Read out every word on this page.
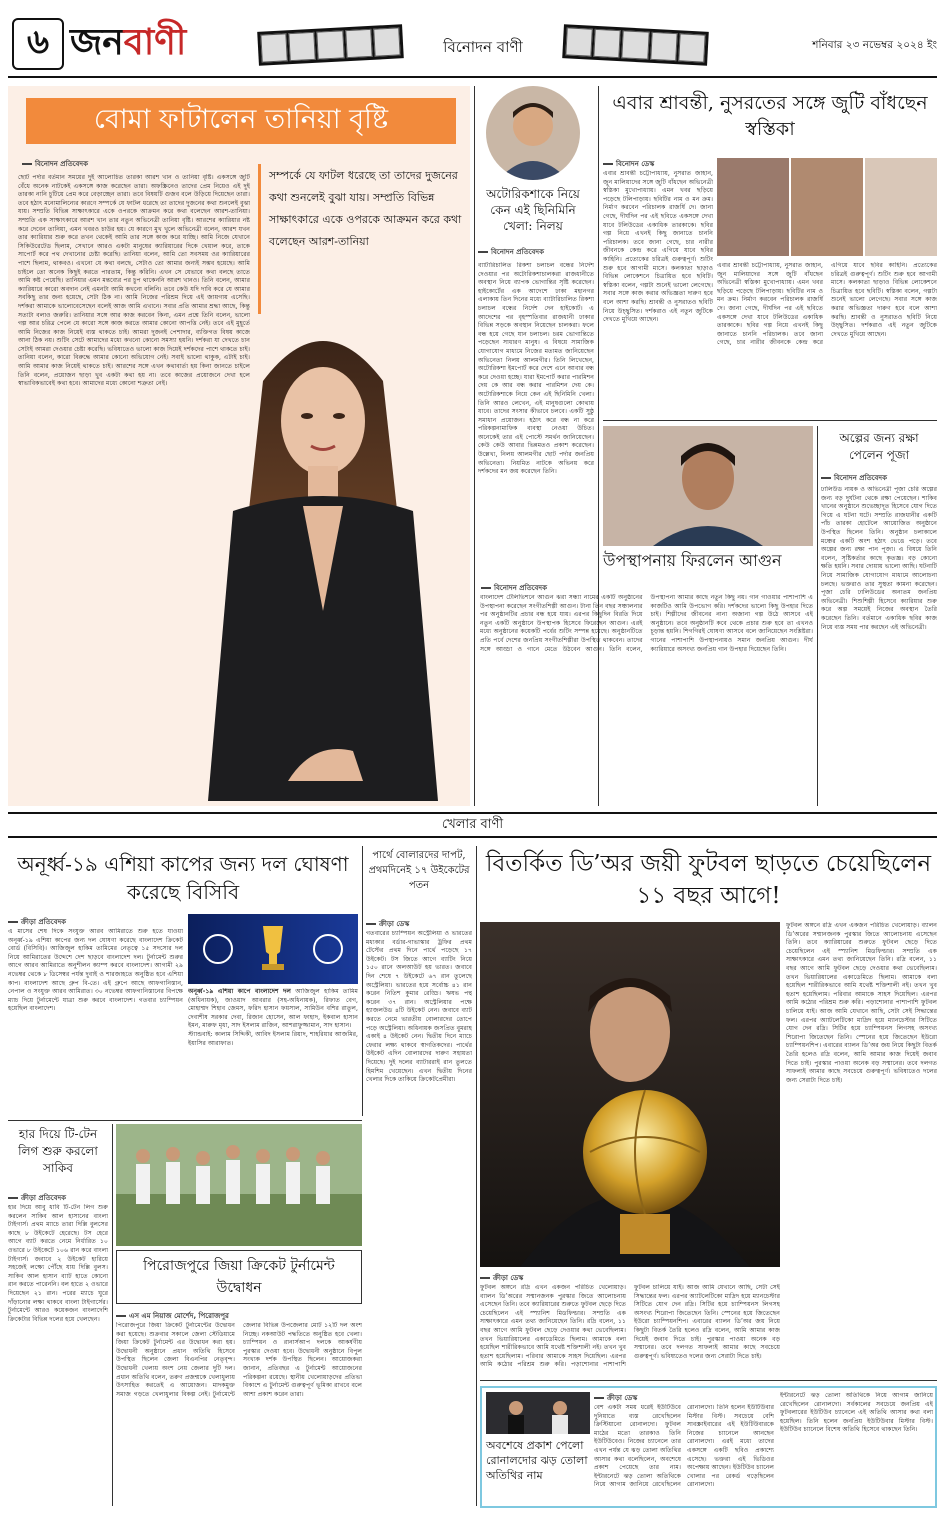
৬ জন বাণী	বিনোদন বাণী	শনিবার ২৩ নভেম্বর ২০২৪ ইং
বোমা ফাটালেন তানিয়া বৃষ্টি
বিনোদন প্রতিবেদক
সম্পর্কে যে ফাটল ধরেছে তা তাদের দুজনের কথা শুনলেই বুঝা যায়। সম্প্রতি বিভিন্ন সাক্ষাৎকারে একে ওপরকে আক্রমন করে কথা বলেছেন আরশ-তানিয়া
ছোট পর্দার বর্তমান সময়ের দুই আলোচিত তারকা আরশ খান ও তানিয়া বৃষ্টি। একসঙ্গে জুটি বেঁধে অনেক নাটকেই একসঙ্গে কাজ করেছেন তারা। অফস্ক্রিনেও তাদের প্রেম নিয়েও এই দুই তারকা নানি চুটিয়ে প্রেম করে বেড়াচ্ছেন তারা। তবে বিষয়টি গুজব বলে উড়িয়ে দিয়েছেন তারা। তবে হঠাৎ মনোমালিন্যের কারণে সম্পর্কে যে ফাটল ধরেছে তা তাদের দুজনের কথা শুনলেই বুঝা যায়। সম্প্রতি বিভিন্ন সাক্ষাৎকারে একে ওপরকে আক্রমন করে কথা বলেছেন আরশ-তানিয়া। সম্প্রতি এক সাক্ষাৎকারে আরশ খান তার নতুন অভিনেত্রী তানিয়া বৃষ্টি। আরশের ক্যারিয়ার নষ্ট করে দেবেন তানিয়া, এমন খবরও চাউর হয়। যে কারণে মুখ খুলে অভিনেত্রী বলেন, আরশ যখন তার ক্যারিয়ার শুরু করে তখন থেকেই আমি তার সঙ্গে কাজ করে যাচ্ছি। আমি নিজে যেখানে সিকিউরেটেড ছিলাম, সেখানে আরও একটা মানুষের ক্যারিয়ারের দিকে খেয়াল করে, তাকে সাপোর্ট করে পথ দেখানোর চেষ্টা করেছি। তানিয়া বলেন, আমি তো সবসময় ওর ক্যারিয়ারের পাশে ছিলাম, থাকবও। এখনো যে কথা বলছে, সেটাও তো আমার জন্যই সম্ভব হয়েছে। আমি চাইলে তো অনেক কিছুই করতে পারতাম, কিন্তু করিনি। এখন সে যেভাবে কথা বলছে তাতে আমি কষ্ট পেয়েছি। তানিয়ার এমন মন্তব্যের পর চুপ থাকেননি আরশ খানও। তিনি বলেন, আমার ক্যারিয়ারে কারো অবদান নেই এমনটা আমি কখনো বলিনি। তবে কেউ যদি দাবি করে যে আমার সবকিছু তার জন্য হয়েছে, সেটা ঠিক না। আমি নিজের পরিশ্রম দিয়ে এই জায়গায় এসেছি। দর্শকরা আমাকে ভালোবেসেছেন বলেই আজ আমি এখানে। সবার প্রতি আমার শ্রদ্ধা আছে, কিন্তু সত্যটা বলাও জরুরি। তানিয়ার সঙ্গে আর কাজ করবেন কিনা, এমন প্রশ্নে তিনি বলেন, ভালো গল্প আর চরিত্র পেলে যে কারো সঙ্গে কাজ করতে আমার কোনো আপত্তি নেই। তবে এই মুহূর্তে আমি নিজের কাজ নিয়েই ব্যস্ত থাকতে চাই। আমরা দুজনই পেশাদার, ব্যক্তিগত বিষয় কাজে আনা ঠিক নয়। শুটিং সেটে আমাদের মধ্যে কখনো কোনো সমস্যা হয়নি। দর্শকরা যা দেখতে চান সেটাই আমরা দেওয়ার চেষ্টা করেছি। ভবিষ্যতেও ভালো কাজ দিয়েই দর্শকদের পাশে থাকতে চাই। তানিয়া বলেন, কারো বিরুদ্ধে আমার কোনো অভিযোগ নেই। সবাই ভালো থাকুক, এটাই চাই। আমি আমার কাজ নিয়েই থাকতে চাই। আরশের সঙ্গে এখন কথাবার্তা হয় কিনা জানতে চাইলে তিনি বলেন, প্রয়োজন ছাড়া খুব একটা কথা হয় না। তবে কাজের প্রয়োজনে দেখা হলে স্বাভাবিকভাবেই কথা হবে। আমাদের মধ্যে কোনো শত্রুতা নেই।
অটোরিকশাকে নিয়ে কেন এই ছিনিমিনি খেলা: নিলয়
বিনোদন প্রতিবেদক
ব্যাটারিচালিত রিকশা চলাচল বন্ধের নির্দেশ দেওয়ার পর অটোরিকশাচালকরা রাজধানীতে অবস্থান নিয়ে ব্যাপক ভোগান্তির সৃষ্টি করেছেন। হাইকোর্টের এক আদেশে ঢাকা মহানগর এলাকায় তিন দিনের মধ্যে ব্যাটারিচালিত রিকশা চলাচল বন্ধের নির্দেশ দেন হাইকোর্ট। এ আদেশের পর বৃহস্পতিবার রাজধানী ঢাকার বিভিন্ন সড়কে অবস্থান নিয়েছেন চালকরা। ফলে বন্ধ হয়ে গেছে যান চলাচল। চরম ভোগান্তিতে পড়েছেন সাধারণ মানুষ। এ বিষয়ে সামাজিক যোগাযোগ মাধ্যমে নিজের মতামত জানিয়েছেন অভিনেতা নিলয় আলমগীর। তিনি লিখেছেন, অটোরিকশা ইমপোর্ট করে দেশে এনে আবার বন্ধ করে দেওয়া হচ্ছে। যারা ইমপোর্ট করার পারমিশন দেয় কে আর বন্ধ করার পারমিশন দেয় কে। অটোরিকশাকে নিয়ে কেন এই ছিনিমিনি খেলা। তিনি আরও লেখেন, এই মানুষগুলো কোথায় যাবে। তাদের সংসার কীভাবে চলবে। একটি সুষ্ঠু সমাধান প্রয়োজন। হঠাৎ করে বন্ধ না করে পরিকল্পনামাফিক ব্যবস্থা নেওয়া উচিত। অনেকেই তার এই পোস্টে সমর্থন জানিয়েছেন। কেউ কেউ আবার ভিন্নমতও প্রকাশ করেছেন। উল্লেখ্য, নিলয় আলমগীর ছোট পর্দার জনপ্রিয় অভিনেতা। নিয়মিত নাটকে অভিনয় করে দর্শকদের মন জয় করেছেন তিনি।
এবার শ্রাবন্তী, নুসরতের সঙ্গে জুটি বাঁধছেন স্বস্তিকা
বিনোদন ডেস্ক
এবার শ্রাবন্তী চট্টোপাধ্যায়, নুসরাত জাহান, জুন মালিয়াদের সঙ্গে জুটি বাঁধছেন অভিনেত্রী স্বস্তিকা মুখোপাধ্যায়। এমন খবর ছড়িয়ে পড়েছে টলিপাড়ায়। ছবিটির নাম ও মন ক্রম। নির্মাণ করবেন পরিচালক রাজর্ষি দে। জানা গেছে, দীর্ঘদিন পর এই ছবিতে একসঙ্গে দেখা যাবে টলিউডের একাধিক তারকাকে। ছবির গল্প নিয়ে এখনই কিছু জানাতে চাননি পরিচালক। তবে জানা গেছে, চার নারীর জীবনকে কেন্দ্র করে এগিয়ে যাবে ছবির কাহিনি। প্রত্যেকের চরিত্রই গুরুত্বপূর্ণ। শুটিং শুরু হবে আগামী মাসে। কলকাতা ছাড়াও বিভিন্ন লোকেশনে চিত্রায়িত হবে ছবিটি। স্বস্তিকা বলেন, গল্পটা শুনেই ভালো লেগেছে। সবার সঙ্গে কাজ করার অভিজ্ঞতা দারুণ হবে বলে আশা করছি। শ্রাবন্তী ও নুসরাতও ছবিটি নিয়ে উচ্ছ্বসিত। দর্শকরাও এই নতুন জুটিকে দেখতে মুখিয়ে আছেন।
এবার শ্রাবন্তী চট্টোপাধ্যায়, নুসরাত জাহান, জুন মালিয়াদের সঙ্গে জুটি বাঁধছেন অভিনেত্রী স্বস্তিকা মুখোপাধ্যায়। এমন খবর ছড়িয়ে পড়েছে টলিপাড়ায়। ছবিটির নাম ও মন ক্রম। নির্মাণ করবেন পরিচালক রাজর্ষি দে। জানা গেছে, দীর্ঘদিন পর এই ছবিতে একসঙ্গে দেখা যাবে টলিউডের একাধিক তারকাকে। ছবির গল্প নিয়ে এখনই কিছু জানাতে চাননি পরিচালক। তবে জানা গেছে, চার নারীর জীবনকে কেন্দ্র করে এগিয়ে যাবে ছবির কাহিনি। প্রত্যেকের চরিত্রই গুরুত্বপূর্ণ। শুটিং শুরু হবে আগামী মাসে। কলকাতা ছাড়াও বিভিন্ন লোকেশনে চিত্রায়িত হবে ছবিটি। স্বস্তিকা বলেন, গল্পটা শুনেই ভালো লেগেছে। সবার সঙ্গে কাজ করার অভিজ্ঞতা দারুণ হবে বলে আশা করছি। শ্রাবন্তী ও নুসরাতও ছবিটি নিয়ে উচ্ছ্বসিত। দর্শকরাও এই নতুন জুটিকে দেখতে মুখিয়ে আছেন।
উপস্থাপনায় ফিরলেন আগুন
বিনোদন প্রতিবেদক
বাংলাদেশ টেলিভিশনে আগুন ঝরা সন্ধ্যা নামের একটি অনুষ্ঠানের উপস্থাপনা করেছেন সংগীতশিল্পী আগুন। টানা তিন বছর সঞ্চালনার পর অনুষ্ঠানটির প্রচার বন্ধ হয়ে যায়। এরপর কিছুদিন বিরতি দিয়ে নতুন একটি অনুষ্ঠানে উপস্থাপক হিসেবে ফিরেছেন আগুন। এরই মধ্যে অনুষ্ঠানের কয়েকটি পর্বের শুটিং সম্পন্ন হয়েছে। অনুষ্ঠানটিতে প্রতি পর্বে দেশের জনপ্রিয় সংগীতশিল্পীরা উপস্থিত থাকবেন। তাদের সঙ্গে আড্ডা ও গানে মেতে উঠবেন আগুন। তিনি বলেন, উপস্থাপনা আমার কাছে নতুন কিছু নয়। গান গাওয়ার পাশাপাশি এ কাজটিও আমি উপভোগ করি। দর্শকদের ভালো কিছু উপহার দিতে চাই। শিল্পীদের জীবনের নানা অজানা গল্প উঠে আসবে এই অনুষ্ঠানে। তবে অনুষ্ঠানটি কবে থেকে প্রচার শুরু হবে তা এখনও চূড়ান্ত হয়নি। শিগগিরই ঘোষণা আসবে বলে জানিয়েছেন সংশ্লিষ্টরা। গানের পাশাপাশি উপস্থাপনায়ও সমান জনপ্রিয় আগুন। দীর্ঘ ক্যারিয়ারে অসংখ্য জনপ্রিয় গান উপহার দিয়েছেন তিনি।
অল্পের জন্য রক্ষা পেলেন পূজা
বিনোদন প্রতিবেদক
ঢালিউড নায়ক ও অভিনেত্রী পূজা চেরি অল্পের জন্য বড় দুর্ঘটনা থেকে রক্ষা পেয়েছেন। শাকিব খানের অনুষ্ঠানে শুভেচ্ছাদূত হিসেবে যোগ দিতে গিয়ে এ ঘটনা ঘটে। সম্প্রতি রাজধানীর একটি পাঁচ তারকা হোটেলে আয়োজিত অনুষ্ঠানে উপস্থিত ছিলেন তিনি। অনুষ্ঠান চলাকালে মঞ্চের একটি অংশ হঠাৎ ভেঙে পড়ে। তবে অল্পের জন্য রক্ষা পান পূজা। এ বিষয়ে তিনি বলেন, সৃষ্টিকর্তার কাছে কৃতজ্ঞ। বড় কোনো ক্ষতি হয়নি। সবার দোয়ায় ভালো আছি। ঘটনাটি নিয়ে সামাজিক যোগাযোগ মাধ্যমে আলোচনা চলছে। ভক্তরাও তার সুস্থতা কামনা করেছেন। পূজা চেরি ঢালিউডের অন্যতম জনপ্রিয় অভিনেত্রী। শিশুশিল্পী হিসেবে ক্যারিয়ার শুরু করে অল্প সময়েই নিজের অবস্থান তৈরি করেছেন তিনি। বর্তমানে একাধিক ছবির কাজ নিয়ে ব্যস্ত সময় পার করছেন এই অভিনেত্রী।
খেলার বাণী
অনূর্ধ্ব-১৯ এশিয়া কাপের জন্য দল ঘোষণা করেছে বিসিবি
ক্রীড়া প্রতিবেদক
এ মাসের শেষ দিকে সংযুক্ত আরব আমিরাতে শুরু হতে যাওয়া অনূর্ধ্ব-১৯ এশিয়া কাপের জন্য দল ঘোষণা করেছে বাংলাদেশ ক্রিকেট বোর্ড (বিসিবি)। আজিজুল হাকিম তামিমের নেতৃত্বে ১৫ সদস্যের দল নিয়ে আমিরাতের উদ্দেশে দেশ ছাড়বে বাংলাদেশ দল। টুর্নামেন্ট শুরুর আগে আরব আমিরাতে অনুশীলন ক্যাম্প করবে বাংলাদেশ। আগামী ২৯ নভেম্বর থেকে ৮ ডিসেম্বর পর্যন্ত দুবাই ও শারজাহতে অনুষ্ঠিত হবে এশিয়া কাপ। বাংলাদেশ আছে গ্রুপ বি-তে। এই গ্রুপে আছে আফগানিস্তান, নেপাল ও সংযুক্ত আরব আমিরাত। ৩০ নভেম্বর আফগানিস্তানের বিপক্ষে ম্যাচ দিয়ে টুর্নামেন্টে যাত্রা শুরু করবে বাংলাদেশ। গতবার চ্যাম্পিয়ন হয়েছিল বাংলাদেশ।
অনূর্ধ্ব-১৯ এশিয়া কাপে বাংলাদেশ দল আজিজুল হাকিম তামিম (অধিনায়ক), জাওয়াদ আবরার (সহ-অধিনায়ক), রিফাত বেগ, মোহাম্মদ শিহাব জেমস, ফরিদ হাসান ফয়সাল, সামিউন বশির রাতুল, দেবাশীষ সরকার দেবা, রিজান হোসেন, আল ফাহাদ, ইকবাল হাসান ইমন, মারুফ মৃধা, সাদ ইসলাম রাজিন, আশরাফুজ্জামান, সাদ হাসান।
স্ট্যান্ডবাই: কালাম সিদ্দিকী, আবিদ ইসলাম রিয়াদ, শাহরিয়ার আজমির, ইয়াসির আরাফাত।
পার্থে বোলারদের দাপট, প্রথমদিনেই ১৭ উইকেটের পতন
ক্রীড়া ডেস্ক
গতবারের চ্যাম্পিয়ন অস্ট্রেলিয়া ও ভারতের মধ্যকার বর্ডার-গাভাস্কার ট্রফির প্রথম টেস্টের প্রথম দিনে পার্থে পড়েছে ১৭ উইকেট। টস জিতে আগে ব্যাটিং নিয়ে ১৫০ রানে অলআউট হয় ভারত। জবাবে দিন শেষে ৭ উইকেটে ৬৭ রান তুলেছে অস্ট্রেলিয়া। ভারতের হয়ে সর্বোচ্চ ৪১ রান করেন নিতিশ কুমার রেড্ডি। ঋষভ পন্থ করেন ৩৭ রান। অস্ট্রেলিয়ার পক্ষে হ্যাজলউড ৪টি উইকেট নেন। জবাবে ব্যাট করতে নেমে ভারতীয় বোলারদের তোপে পড়ে অস্ট্রেলিয়া। অধিনায়ক জসপ্রিত বুমরাহ একাই ৪ উইকেট নেন। দ্বিতীয় দিনে ম্যাচে ফেরার লক্ষ্য থাকবে স্বাগতিকদের। পার্থের উইকেট এদিন বোলারদের দারুণ সহায়তা দিয়েছে। দুই দলের ব্যাটাররাই রান তুলতে হিমশিম খেয়েছেন। এখন দ্বিতীয় দিনের খেলার দিকে তাকিয়ে ক্রিকেটপ্রেমীরা।
হার দিয়ে টি-টেন লিগ শুরু করলো সাকিব
ক্রীড়া প্রতিবেদক
হার দিয়ে আবু ধাবি টি-টেন লিগ শুরু করলেন সাকিব আল হাসানের বাংলা টাইগার্স। প্রথম ম্যাচে তারা দিল্লি বুলসের কাছে ৮ উইকেটে হেরেছে। টস হেরে আগে ব্যাট করতে নেমে নির্ধারিত ১০ ওভারে ৮ উইকেটে ১০৬ রান করে বাংলা টাইগার্স। জবাবে ২ উইকেট হারিয়ে সহজেই লক্ষ্যে পৌঁছে যায় দিল্লি বুলস। সাকিব আল হাসান ব্যাট হাতে কোনো রান করতে পারেননি। বল হাতে ২ ওভারে দিয়েছেন ২১ রান। পরের ম্যাচে ঘুরে দাঁড়ানোর লক্ষ্য থাকবে বাংলা টাইগার্সের। টুর্নামেন্টে আরও কয়েকজন বাংলাদেশি ক্রিকেটার বিভিন্ন দলের হয়ে খেলছেন।
পিরোজপুরে জিয়া ক্রিকেট টুর্নামেন্ট উদ্বোধন
এস এম নিয়াজ মোর্শেদ, পিরোজপুর
পিরোজপুরে জিয়া ক্রিকেট টুর্নামেন্টের উদ্বোধন করা হয়েছে। শুক্রবার সকালে জেলা স্টেডিয়ামে জিয়া ক্রিকেট টুর্নামেন্ট এর উদ্বোধন করা হয়। উদ্বোধনী অনুষ্ঠানে প্রধান অতিথি হিসেবে উপস্থিত ছিলেন জেলা বিএনপির নেতৃবৃন্দ। উদ্বোধনী খেলায় অংশ নেয় জেলার দুটি দল। প্রধান অতিথি বলেন, তরুণ প্রজন্মকে খেলাধুলায় উৎসাহিত করতেই এ আয়োজন। মাদকমুক্ত সমাজ গড়তে খেলাধুলার বিকল্প নেই। টুর্নামেন্টে জেলার বিভিন্ন উপজেলার মোট ১২টি দল অংশ নিচ্ছে। নকআউট পদ্ধতিতে অনুষ্ঠিত হবে খেলা। চ্যাম্পিয়ন ও রানার্সআপ দলকে আকর্ষণীয় পুরস্কার দেওয়া হবে। উদ্বোধনী অনুষ্ঠানে বিপুল সংখ্যক দর্শক উপস্থিত ছিলেন। আয়োজকরা জানান, প্রতিবছর এ টুর্নামেন্ট আয়োজনের পরিকল্পনা রয়েছে। স্থানীয় খেলোয়াড়দের প্রতিভা বিকাশে এ টুর্নামেন্ট গুরুত্বপূর্ণ ভূমিকা রাখবে বলে আশা প্রকাশ করেন তারা।
বিতর্কিত ডি’অর জয়ী ফুটবল ছাড়তে চেয়েছিলেন ১১ বছর আগে!
ক্রীড়া ডেস্ক
ফুটবল অঙ্গনে রদ্রি এখন একজন পরিচিত খেলোয়াড়। ব্যালন ডি’অরের সম্মানজনক পুরস্কার জিতে আলোচনায় এসেছেন তিনি। তবে ক্যারিয়ারের শুরুতে ফুটবল ছেড়ে দিতে চেয়েছিলেন এই স্প্যানিশ মিডফিল্ডার। সম্প্রতি এক সাক্ষাৎকারে এমন তথ্য জানিয়েছেন তিনি। রদ্রি বলেন, ১১ বছর আগে আমি ফুটবল ছেড়ে দেওয়ার কথা ভেবেছিলাম। তখন ভিয়ারিয়ালের একাডেমিতে ছিলাম। আমাকে বলা হয়েছিল শারীরিকভাবে আমি যথেষ্ট শক্তিশালী নই। তখন খুব হতাশ হয়েছিলাম। পরিবার আমাকে সাহস দিয়েছিল। এরপর আমি কঠোর পরিশ্রম শুরু করি। পড়াশোনার পাশাপাশি ফুটবল চালিয়ে যাই। আজ আমি যেখানে আছি, সেটা সেই সিদ্ধান্তের ফল। এরপর অ্যাটলেটিকো মাদ্রিদ হয়ে ম্যানচেস্টার সিটিতে যোগ দেন রদ্রি। সিটির হয়ে চ্যাম্পিয়নস লিগসহ অসংখ্য শিরোপা জিতেছেন তিনি। স্পেনের হয়ে জিতেছেন ইউরো চ্যাম্পিয়নশিপ। এবারের ব্যালন ডি’অর জয় নিয়ে কিছুটা বিতর্ক তৈরি হলেও রদ্রি বলেন, আমি আমার কাজ দিয়েই জবাব দিতে চাই। পুরস্কার পাওয়া অনেক বড় সম্মানের। তবে দলগত সাফল্যই আমার কাছে সবচেয়ে গুরুত্বপূর্ণ। ভবিষ্যতেও দলের জন্য সেরাটা দিতে চাই।
ফুটবল অঙ্গনে রদ্রি এখন একজন পরিচিত খেলোয়াড়। ব্যালন ডি’অরের সম্মানজনক পুরস্কার জিতে আলোচনায় এসেছেন তিনি। তবে ক্যারিয়ারের শুরুতে ফুটবল ছেড়ে দিতে চেয়েছিলেন এই স্প্যানিশ মিডফিল্ডার। সম্প্রতি এক সাক্ষাৎকারে এমন তথ্য জানিয়েছেন তিনি। রদ্রি বলেন, ১১ বছর আগে আমি ফুটবল ছেড়ে দেওয়ার কথা ভেবেছিলাম। তখন ভিয়ারিয়ালের একাডেমিতে ছিলাম। আমাকে বলা হয়েছিল শারীরিকভাবে আমি যথেষ্ট শক্তিশালী নই। তখন খুব হতাশ হয়েছিলাম। পরিবার আমাকে সাহস দিয়েছিল। এরপর আমি কঠোর পরিশ্রম শুরু করি। পড়াশোনার পাশাপাশি ফুটবল চালিয়ে যাই। আজ আমি যেখানে আছি, সেটা সেই সিদ্ধান্তের ফল। এরপর অ্যাটলেটিকো মাদ্রিদ হয়ে ম্যানচেস্টার সিটিতে যোগ দেন রদ্রি। সিটির হয়ে চ্যাম্পিয়নস লিগসহ অসংখ্য শিরোপা জিতেছেন তিনি। স্পেনের হয়ে জিতেছেন ইউরো চ্যাম্পিয়নশিপ। এবারের ব্যালন ডি’অর জয় নিয়ে কিছুটা বিতর্ক তৈরি হলেও রদ্রি বলেন, আমি আমার কাজ দিয়েই জবাব দিতে চাই। পুরস্কার পাওয়া অনেক বড় সম্মানের। তবে দলগত সাফল্যই আমার কাছে সবচেয়ে গুরুত্বপূর্ণ। ভবিষ্যতেও দলের জন্য সেরাটা দিতে চাই।
অবশেষে প্রকাশ পেলো রোনালদোর ঝড় তোলা অতিথির নাম
ক্রীড়া ডেস্ক
বেশ একটা সময় ধরেই ইউটিউবে দুনিয়াতে ব্যস্ত রেখেছিলেন ক্রিস্টিয়ানো রোনালদো। ফুটবল মাঠের মতো তারকাও তিনি ইউটিউবেও। নিজের চ্যানেলে তার এখন পর্যন্ত যে ঝড় তোলা অতিথির আসার কথা বলেছিলেন, অবশেষে প্রকাশ পেয়েছে তার নাম। ইন্টারনেটে ঝড় তোলা অতিথিকে নিয়ে আগাম জানিয়ে রেখেছিলেন রোনালদো। তিনি হলেন ইউটিউবার মিস্টার বিস্ট। সবচেয়ে বেশি সাবস্ক্রাইবারের এই ইউটিউবারকে নিজের চ্যানেলে আনছেন রোনালদো। এরই মধ্যে তাদের একসঙ্গে একটি ছবিও প্রকাশ্যে এসেছে। ভক্তরা এই ভিডিওর অপেক্ষায় আছেন। ইউটিউব চ্যানেল খোলার পর রেকর্ড গড়েছিলেন রোনালদো।
ইন্টারনেটে ঝড় তোলা অতিথিকে নিয়ে আগাম জানিয়ে রেখেছিলেন রোনালদো। সর্বকালের সবচেয়ে জনপ্রিয় এই ফুটবলারের ইউটিউব চ্যানেলে এই অতিথি আসার কথা বলা হয়েছিল। তিনি হলেন জনপ্রিয় ইউটিউবার মিস্টার বিস্ট। ইউটিউব চ্যানেলে বিশেষ অতিথি হিসেবে থাকছেন তিনি।
